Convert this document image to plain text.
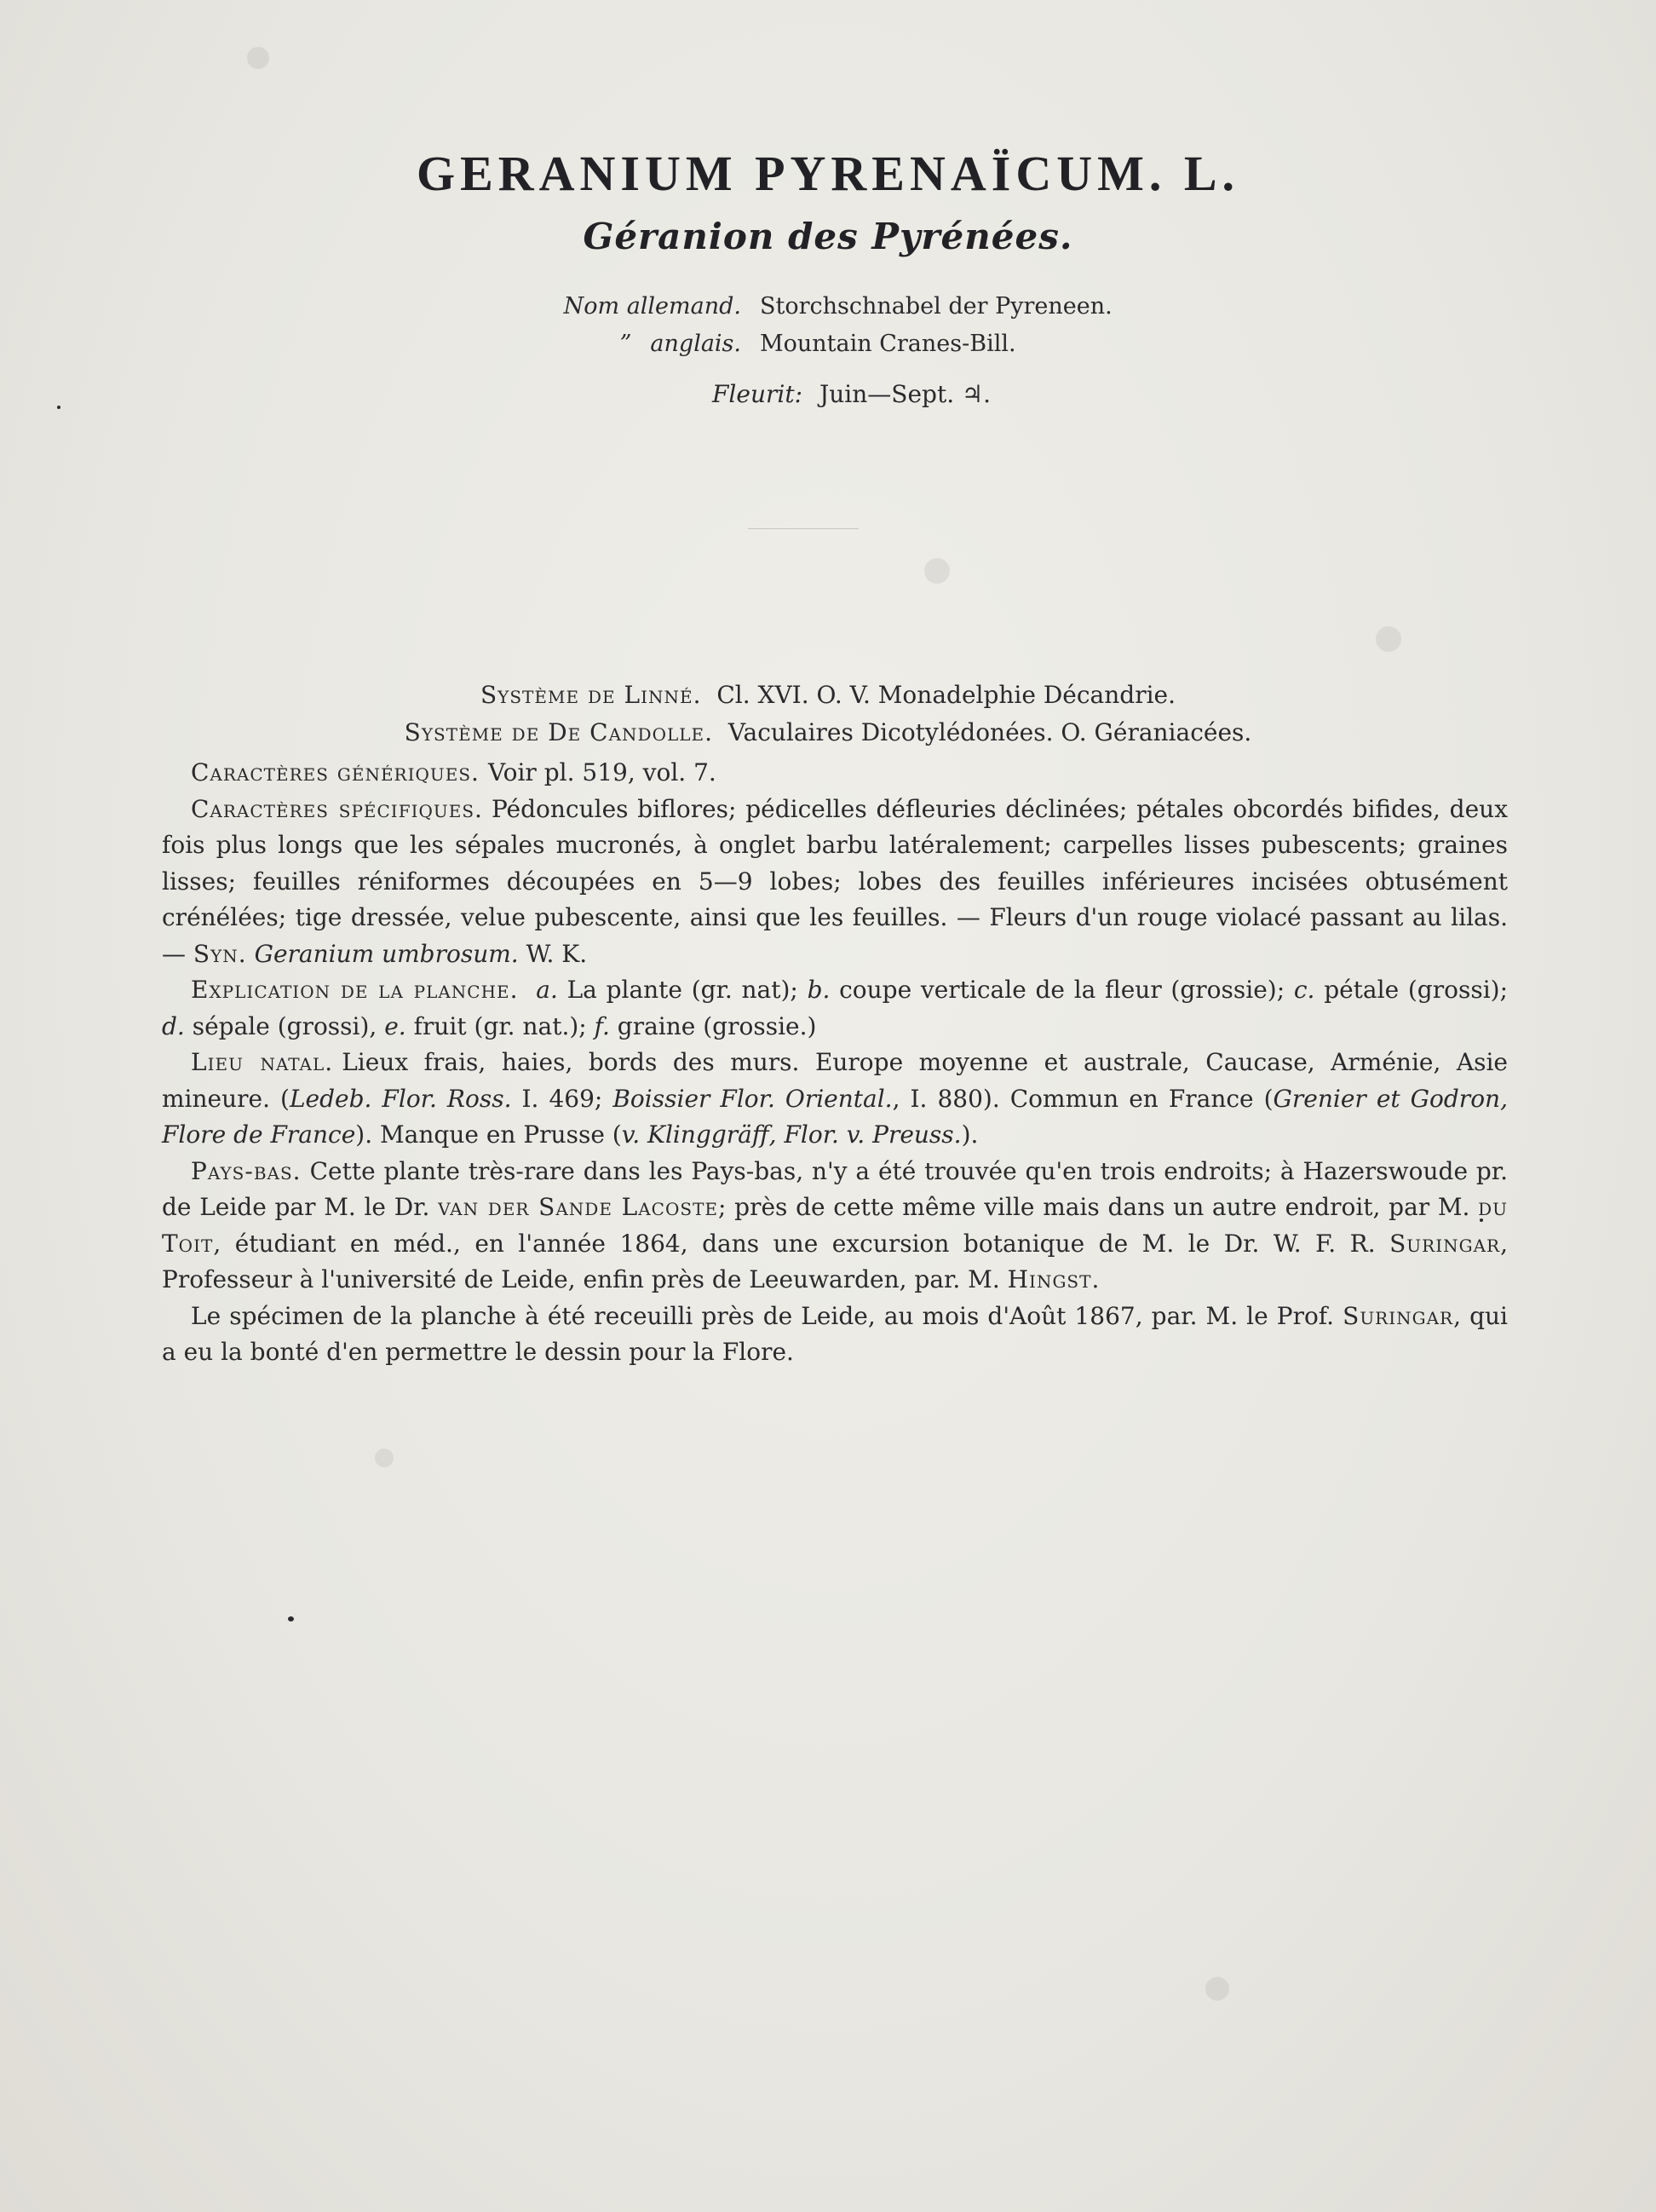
GERANIUM PYRENAÏCUM. L.
Géranion des Pyrénées.
Nom allemand. Storchschnabel der Pyreneen.
” anglais. Mountain Cranes-Bill.
Fleurit: Juin—Sept. ♃.
Système de Linné. Cl. XVI. O. V. Monadelphie Décandrie.
Système de De Candolle. Vaculaires Dicotylédonées. O. Géraniacées.

Caractères génériques. Voir pl. 519, vol. 7.

Caractères spécifiques. Pédoncules biflores; pédicelles défleuries déclinées; pétales obcordés bifides, deux fois plus longs que les sépales mucronés, à onglet barbu latéralement; carpelles lisses pubescents; graines lisses; feuilles réniformes découpées en 5—9 lobes; lobes des feuilles inférieures incisées obtusément crénélées; tige dressée, velue pubescente, ainsi que les feuilles. — Fleurs d'un rouge violacé passant au lilas. — Syn. Geranium umbrosum. W. K.

Explication de la planche. a. La plante (gr. nat); b. coupe verticale de la fleur (grossie); c. pétale (grossi); d. sépale (grossi), e. fruit (gr. nat.); f. graine (grossie.)

Lieu natal. Lieux frais, haies, bords des murs. Europe moyenne et australe, Caucase, Arménie, Asie mineure. (Ledeb. Flor. Ross. I. 469; Boissier Flor. Oriental., I. 880). Commun en France (Grenier et Godron, Flore de France). Manque en Prusse (v. Klinggräff, Flor. v. Preuss.).

Pays-bas. Cette plante très-rare dans les Pays-bas, n'y a été trouvée qu'en trois endroits; à Hazerswoude pr. de Leide par M. le Dr. van der Sande Lacoste; près de cette même ville mais dans un autre endroit, par M. du Toit, étudiant en méd., en l'année 1864, dans une excursion botanique de M. le Dr. W. F. R. Suringar, Professeur à l'université de Leide, enfin près de Leeuwarden, par. M. Hingst.

Le spécimen de la planche à été receuilli près de Leide, au mois d'Août 1867, par. M. le Prof. Suringar, qui a eu la bonté d'en permettre le dessin pour la Flore.
